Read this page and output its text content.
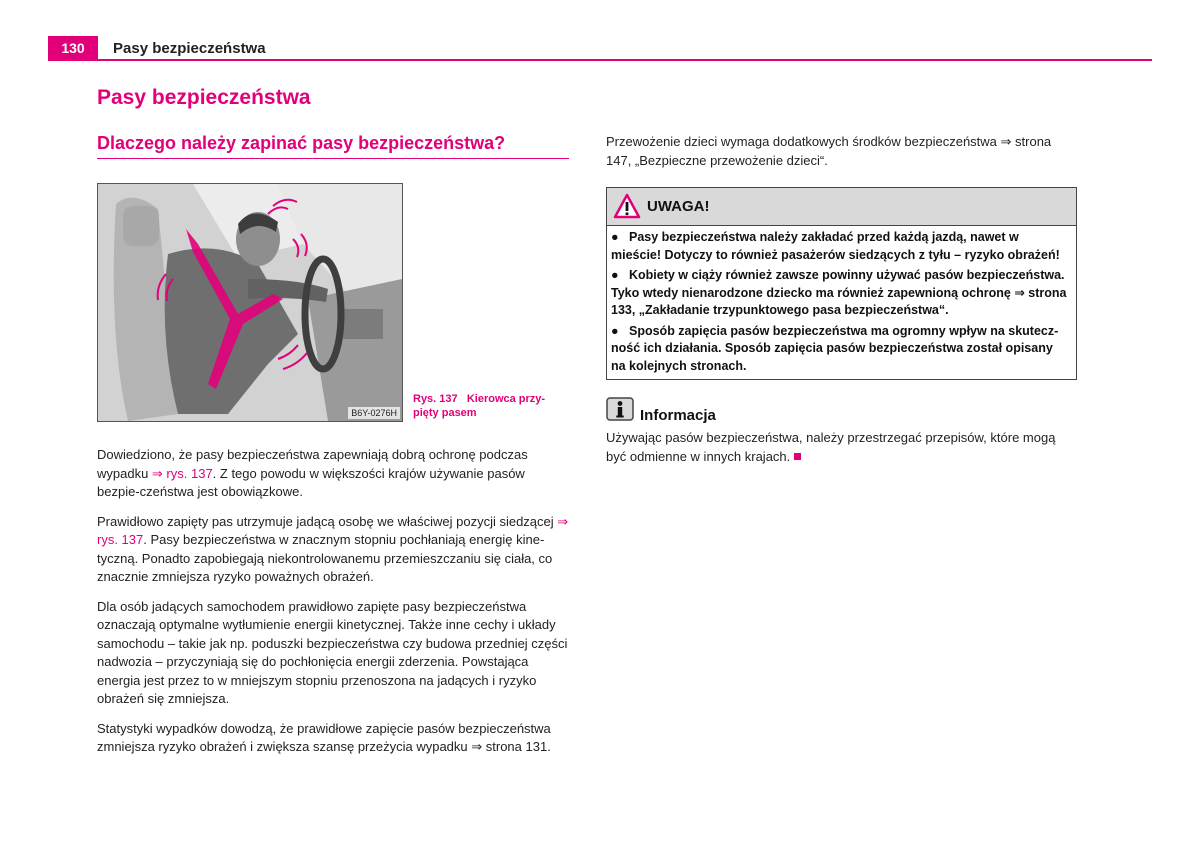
130	Pasy bezpieczeństwa
Pasy bezpieczeństwa
Dlaczego należy zapinać pasy bezpieczeństwa?
B6Y-0276H
Rys. 137 Kierowca przy-pięty pasem

Dowiedziono, że pasy bezpieczeństwa zapewniają dobrą ochronę podczas wypadku ⇒ rys. 137. Z tego powodu w większości krajów używanie pasów bezpie-czeństwa jest obowiązkowe.

Prawidłowo zapięty pas utrzymuje jadącą osobę we właściwej pozycji siedzącej ⇒ rys. 137. Pasy bezpieczeństwa w znacznym stopniu pochłaniają energię kine-tyczną. Ponadto zapobiegają niekontrolowanemu przemieszczaniu się ciała, co znacznie zmniejsza ryzyko poważnych obrażeń.

Dla osób jadących samochodem prawidłowo zapięte pasy bezpieczeństwa oznaczają optymalne wytłumienie energii kinetycznej. Także inne cechy i układy samochodu – takie jak np. poduszki bezpieczeństwa czy budowa przedniej części nadwozia – przyczyniają się do pochłonięcia energii zderzenia. Powstająca energia jest przez to w mniejszym stopniu przenoszona na jadących i ryzyko obrażeń się zmniejsza.

Statystyki wypadków dowodzą, że prawidłowe zapięcie pasów bezpieczeństwa zmniejsza ryzyko obrażeń i zwiększa szansę przeżycia wypadku ⇒ strona 131.

Przewożenie dzieci wymaga dodatkowych środków bezpieczeństwa ⇒ strona 147, „Bezpieczne przewożenie dzieci“.

UWAGA!

● Pasy bezpieczeństwa należy zakładać przed każdą jazdą, nawet w mieście! Dotyczy to również pasażerów siedzących z tyłu – ryzyko obrażeń!

● Kobiety w ciąży również zawsze powinny używać pasów bezpieczeństwa. Tyko wtedy nienarodzone dziecko ma również zapewnioną ochronę ⇒ strona 133, „Zakładanie trzypunktowego pasa bezpieczeństwa“.

● Sposób zapięcia pasów bezpieczeństwa ma ogromny wpływ na skutecz-ność ich działania. Sposób zapięcia pasów bezpieczeństwa został opisany na kolejnych stronach.

Informacja
Używając pasów bezpieczeństwa, należy przestrzegać przepisów, które mogą być odmienne w innych krajach.
